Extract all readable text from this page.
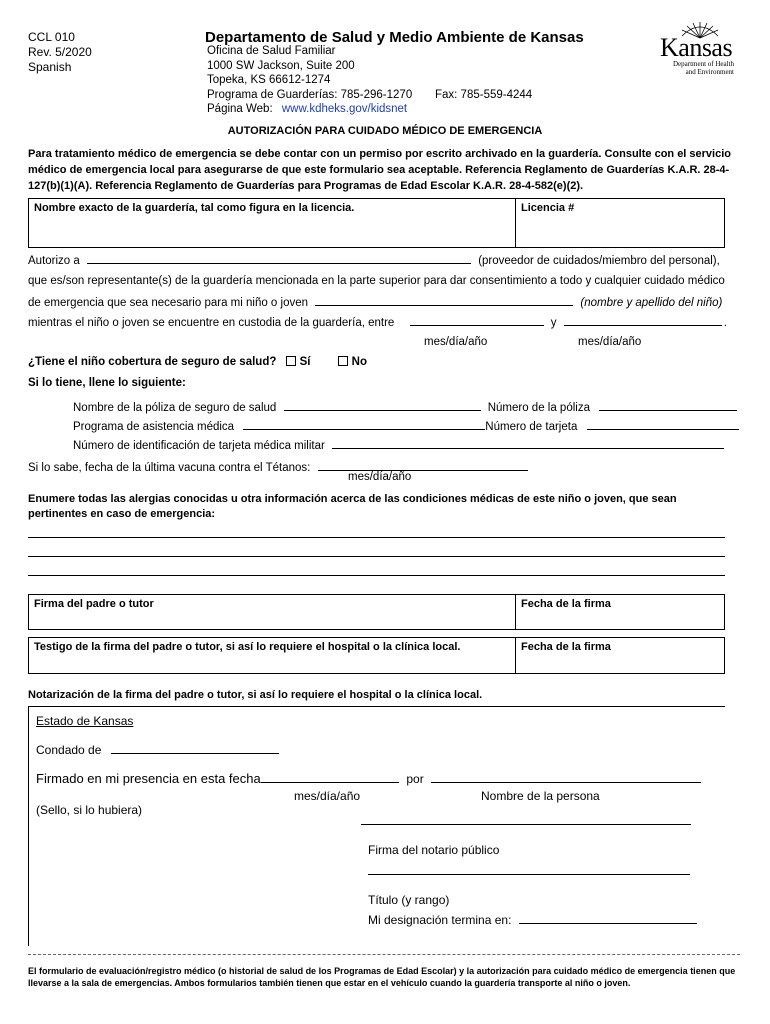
CCL 010
Rev. 5/2020
Spanish
Departamento de Salud y Medio Ambiente de Kansas
Oficina de Salud Familiar
1000 SW Jackson, Suite 200
Topeka, KS 66612-1274
Programa de Guarderías: 785-296-1270 Fax: 785-559-4244
Página Web: www.kdheks.gov/kidsnet
Kansas
Department of Health
and Environment
AUTORIZACIÓN PARA CUIDADO MÉDICO DE EMERGENCIA
Para tratamiento médico de emergencia se debe contar con un permiso por escrito archivado en la guardería. Consulte con el servicio médico de emergencia local para asegurarse de que este formulario sea aceptable. Referencia Reglamento de Guarderías K.A.R. 28-4-127(b)(1)(A). Referencia Reglamento de Guarderías para Programas de Edad Escolar K.A.R. 28-4-582(e)(2).
Nombre exacto de la guardería, tal como figura en la licencia.	Licencia #
Autorizo a	(proveedor de cuidados/miembro del personal),
que es/son representante(s) de la guardería mencionada en la parte superior para dar consentimiento a todo y cualquier cuidado médico
de emergencia que sea necesario para mi niño o joven	(nombre y apellido del niño)
mientras el niño o joven se encuentre en custodia de la guardería, entre	y	.
mes/día/año	mes/día/año
¿Tiene el niño cobertura de seguro de salud? Sí	No
Si lo tiene, llene lo siguiente:
Nombre de la póliza de seguro de salud	Número de la póliza
Programa de asistencia médica	Número de tarjeta
Número de identificación de tarjeta médica militar
Si lo sabe, fecha de la última vacuna contra el Tétanos:
mes/día/año
Enumere todas las alergias conocidas u otra información acerca de las condiciones médicas de este niño o joven, que sean pertinentes en caso de emergencia:
Firma del padre o tutor	Fecha de la firma
Testigo de la firma del padre o tutor, si así lo requiere el hospital o la clínica local.	Fecha de la firma
Notarización de la firma del padre o tutor, si así lo requiere el hospital o la clínica local.
Estado de Kansas
Condado de
Firmado en mi presencia en esta fecha	por
mes/día/año	Nombre de la persona
(Sello, si lo hubiera)
Firma del notario público
Título (y rango)
Mi designación termina en:
El formulario de evaluación/registro médico (o historial de salud de los Programas de Edad Escolar) y la autorización para cuidado médico de emergencia tienen que llevarse a la sala de emergencias. Ambos formularios también tienen que estar en el vehículo cuando la guardería transporte al niño o joven.
